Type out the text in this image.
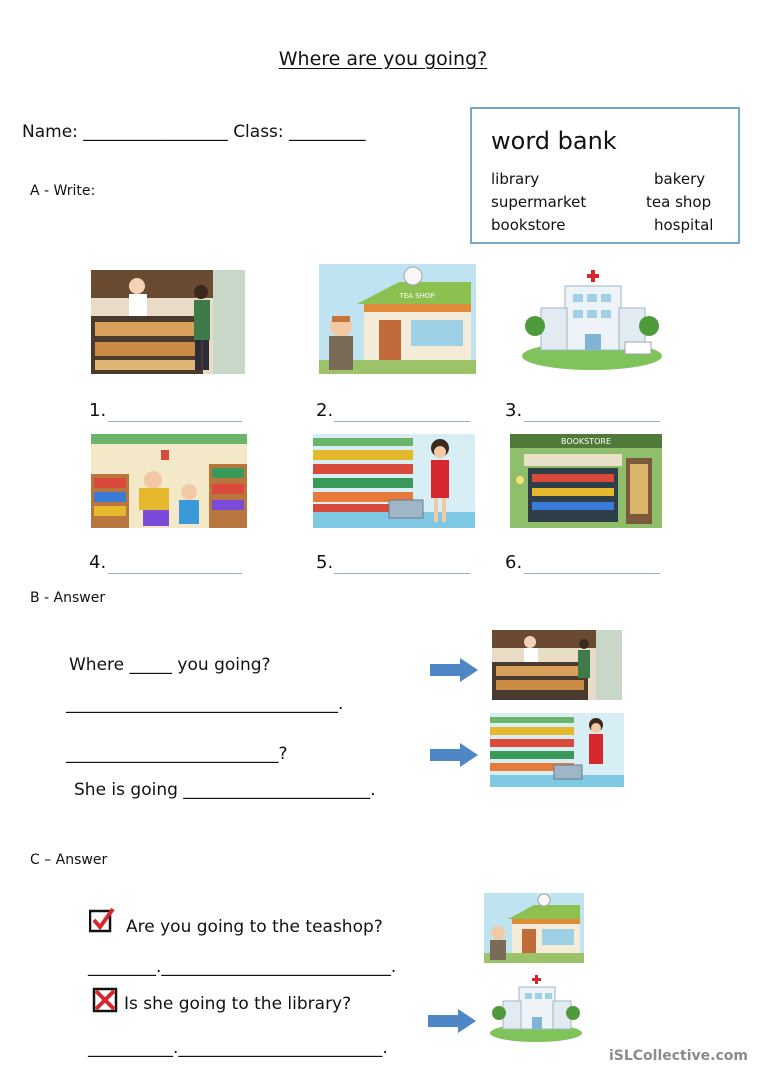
Where are you going?
Name: _________________ Class: _________	word bank
library	bakery
supermarket	tea shop
bookstore	hospital
A - Write:
TEA SHOP
1.	2.	3.
BOOKSTORE
4.	5.	6.
B - Answer
Where _____ you going?
________________________________.
_________________________?
She is going ______________________.
C – Answer
Are you going to the teashop?
________.___________________________.
Is she going to the library?
__________.________________________.	iSLCollective.com
